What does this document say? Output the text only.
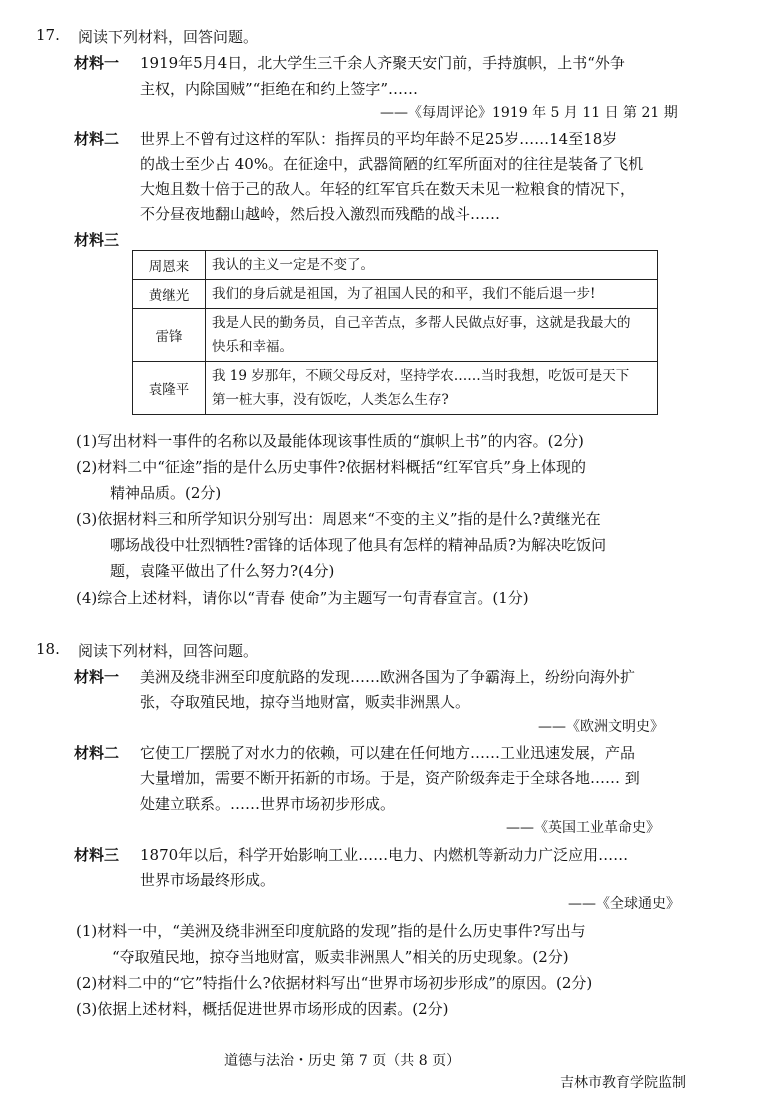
17. 阅读下列材料，回答问题。
材料一 1919年5月4日，北大学生三千余人齐聚天安门前，手持旗帜，上书“外争
主权，内除国贼”“拒绝在和约上签字”……
——《每周评论》1919 年 5 月 11 日 第 21 期
材料二 世界上不曾有过这样的军队：指挥员的平均年龄不足25岁……14至18岁
的战士至少占 40%。在征途中，武器简陋的红军所面对的往往是装备了飞机
大炮且数十倍于己的敌人。年轻的红军官兵在数天未见一粒粮食的情况下，
不分昼夜地翻山越岭，然后投入激烈而残酷的战斗……
材料三
周恩来	我认的主义一定是不变了。
黄继光	我们的身后就是祖国，为了祖国人民的和平，我们不能后退一步!
雷锋	我是人民的勤务员，自己辛苦点，多帮人民做点好事，这就是我最大的
快乐和幸福。

袁隆平	我 19 岁那年，不顾父母反对，坚持学农……当时我想，吃饭可是天下
第一桩大事，没有饭吃，人类怎么生存?
(1)写出材料一事件的名称以及最能体现该事性质的“旗帜上书”的内容。(2分)
(2)材料二中“征途”指的是什么历史事件?依据材料概括“红军官兵”身上体现的
精神品质。(2分)
(3)依据材料三和所学知识分别写出：周恩来“不变的主义”指的是什么?黄继光在
哪场战役中壮烈牺牲?雷锋的话体现了他具有怎样的精神品质?为解决吃饭问
题，袁隆平做出了什么努力?(4分)
(4)综合上述材料，请你以“青春 使命”为主题写一句青春宣言。(1分)
18. 阅读下列材料，回答问题。
材料一 美洲及绕非洲至印度航路的发现……欧洲各国为了争霸海上，纷纷向海外扩
张，夺取殖民地，掠夺当地财富，贩卖非洲黑人。
——《欧洲文明史》
材料二 它使工厂摆脱了对水力的依赖，可以建在任何地方……工业迅速发展，产品
大量增加，需要不断开拓新的市场。于是，资产阶级奔走于全球各地…… 到
处建立联系。……世界市场初步形成。
——《英国工业革命史》
材料三 1870年以后，科学开始影响工业……电力、内燃机等新动力广泛应用……
世界市场最终形成。
——《全球通史》
(1)材料一中，“美洲及绕非洲至印度航路的发现”指的是什么历史事件?写出与
“夺取殖民地，掠夺当地财富，贩卖非洲黑人”相关的历史现象。(2分)
(2)材料二中的“它”特指什么?依据材料写出“世界市场初步形成”的原因。(2分)
(3)依据上述材料，概括促进世界市场形成的因素。(2分)
道德与法治・历史 第 7 页（共 8 页）
吉林市教育学院监制
